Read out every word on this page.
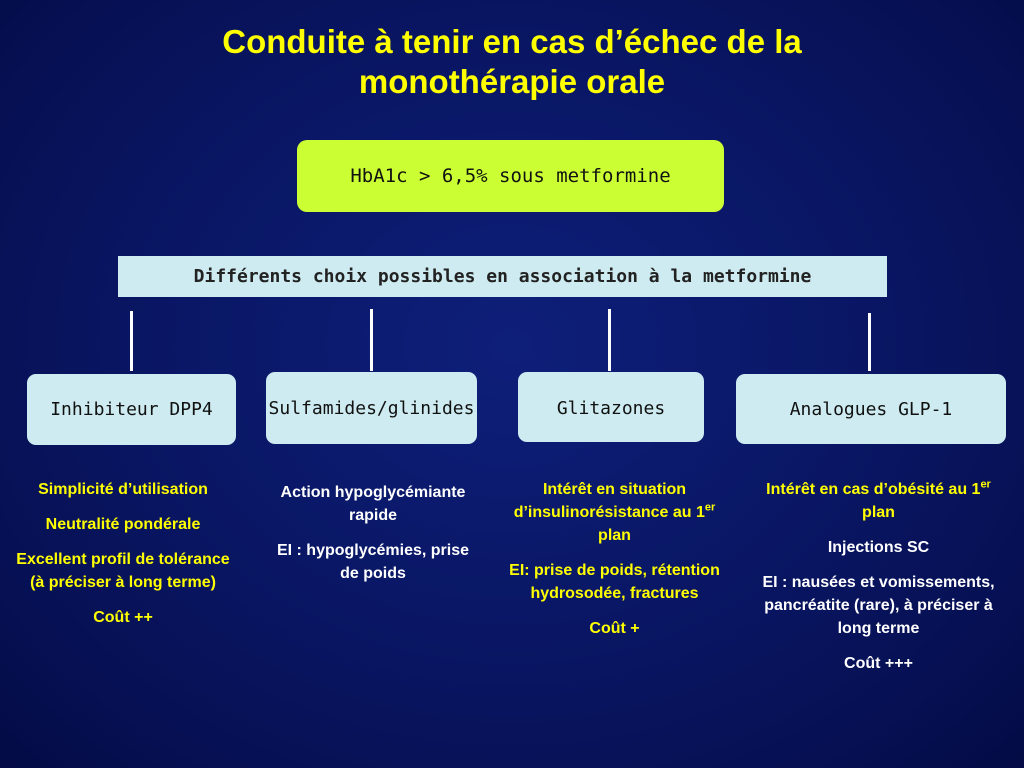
Conduite à tenir en cas d’échec de la
monothérapie orale
HbA1c > 6,5% sous metformine
Différents choix possibles en association à la metformine
Inhibiteur DPP4	Sulfamides/glinides	Glitazones	Analogues GLP-1

Simplicité d’utilisation

Neutralité pondérale

Excellent profil de tolérance (à préciser à long terme)

Coût ++

Action hypoglycémiante rapide

EI : hypoglycémies, prise de poids

Intérêt en situation d’insulinorésistance au 1er plan

EI: prise de poids, rétention hydrosodée, fractures

Coût +

Intérêt en cas d’obésité au 1er plan

Injections SC

EI : nausées et vomissements, pancréatite (rare), à préciser à long terme

Coût +++
